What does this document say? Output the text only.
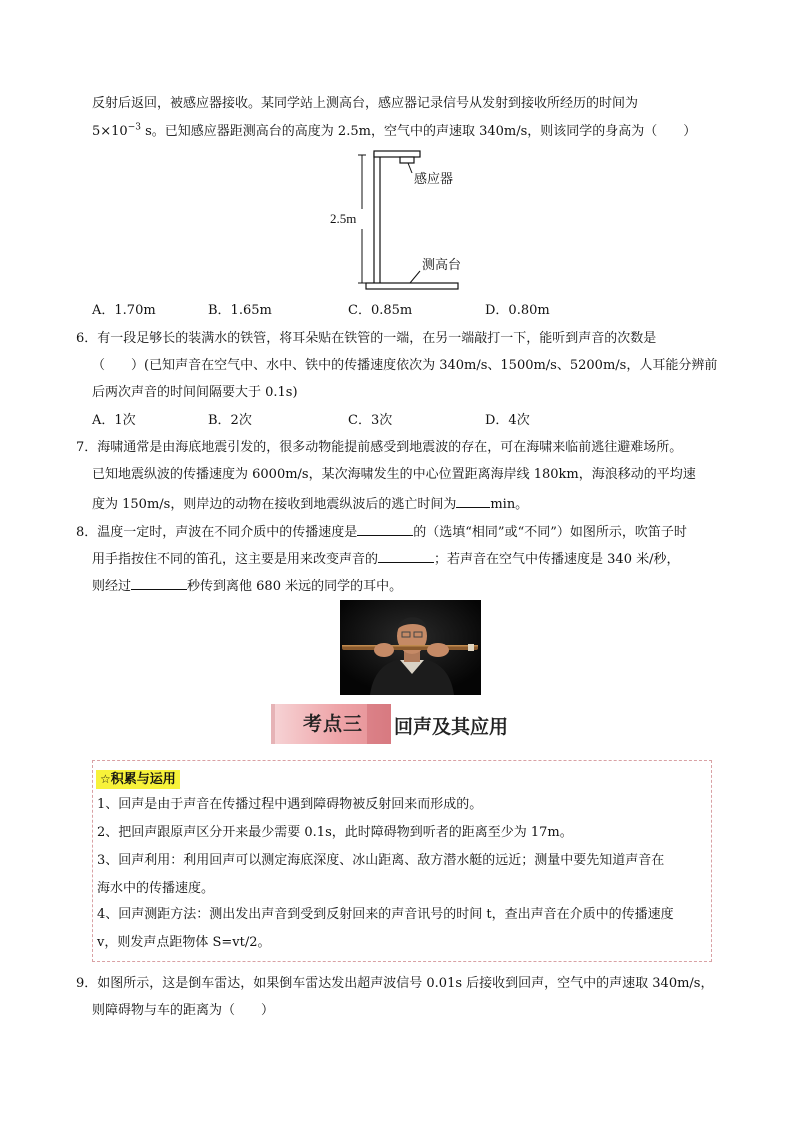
反射后返回，被感应器接收。某同学站上测高台，感应器记录信号从发射到接收所经历的时间为
$5\times 10^{-3}$ s。已知感应器距测高台的高度为 2.5m，空气中的声速取 340m/s，则该同学的身高为（　　）
2.5m
感应器
测高台
A．1.70m	B．1.65m	C．0.85m	D．0.80m
6．有一段足够长的装满水的铁管，将耳朵贴在铁管的一端，在另一端敲打一下，能听到声音的次数是
（　　）(已知声音在空气中、水中、铁中的传播速度依次为 340m/s、1500m/s、5200m/s，人耳能分辨前
后两次声音的时间间隔要大于 0.1s)
A．1次	B．2次	C．3次	D．4次
7．海啸通常是由海底地震引发的，很多动物能提前感受到地震波的存在，可在海啸来临前逃往避难场所。
已知地震纵波的传播速度为 6000m/s，某次海啸发生的中心位置距离海岸线 180km，海浪移动的平均速
度为 150m/s，则岸边的动物在接收到地震纵波后的逃亡时间为	min。
8．温度一定时，声波在不同介质中的传播速度是	的（选填“相同”或“不同”）如图所示，吹笛子时
用手指按住不同的笛孔，这主要是用来改变声音的	；若声音在空气中传播速度是 340 米/秒，
则经过	秒传到离他 680 米远的同学的耳中。
考点三	回声及其应用
☆积累与运用
1、回声是由于声音在传播过程中遇到障碍物被反射回来而形成的。
2、把回声跟原声区分开来最少需要 0.1s，此时障碍物到听者的距离至少为 17m。
3、回声利用：利用回声可以测定海底深度、冰山距离、敌方潜水艇的远近；测量中要先知道声音在
海水中的传播速度。
4、回声测距方法：测出发出声音到受到反射回来的声音讯号的时间 t，查出声音在介质中的传播速度
v，则发声点距物体 S=vt/2。
9．如图所示，这是倒车雷达，如果倒车雷达发出超声波信号 0.01s 后接收到回声，空气中的声速取 340m/s，
则障碍物与车的距离为（　　）
